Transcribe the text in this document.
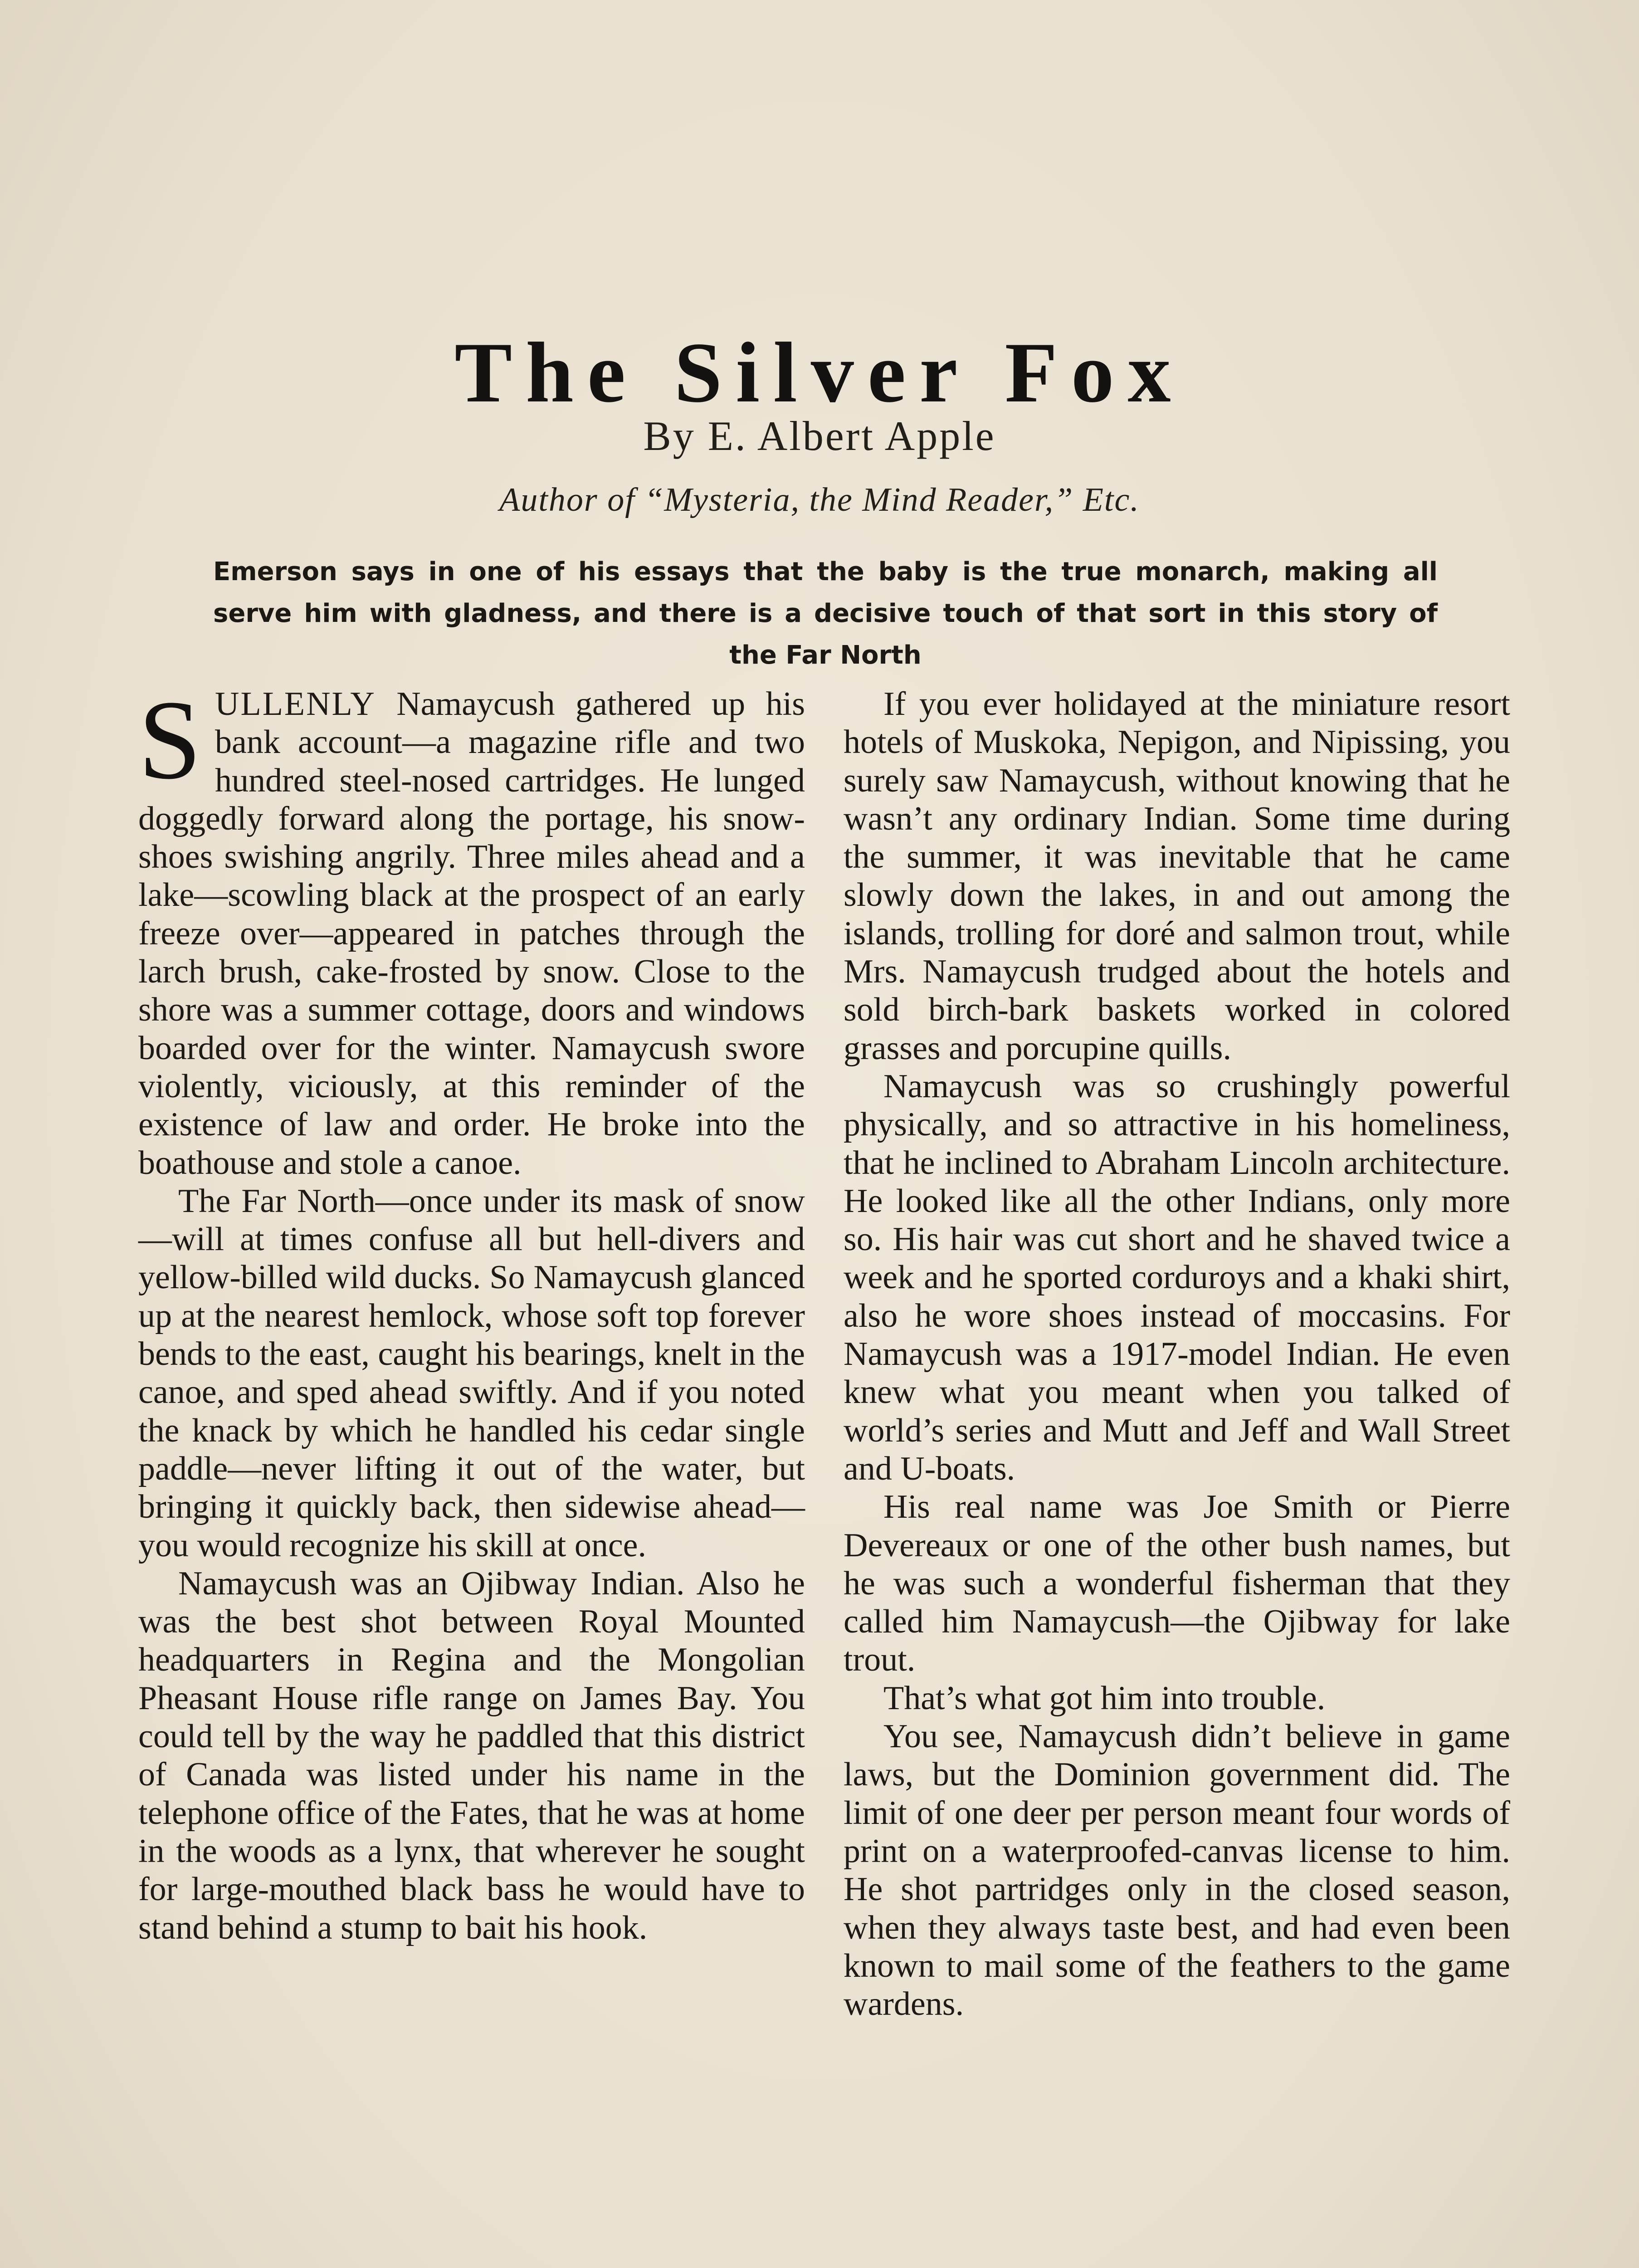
The Silver Fox
By E. Albert Apple
Author of “Mysteria, the Mind Reader,” Etc.
Emerson says in one of his essays that the baby is the true monarch, making all serve him with gladness, and there is a decisive touch of that sort in this story of the Far North

SULLENLY Namaycush gathered up his bank account—a magazine rifle and two hundred steel-nosed cartridges. He lunged doggedly forward along the portage, his snow-shoes swishing angrily. Three miles ahead and a lake—scowling black at the prospect of an early freeze over—appeared in patches through the larch brush, cake-frosted by snow. Close to the shore was a summer cottage, doors and windows boarded over for the winter. Namaycush swore violently, viciously, at this reminder of the existence of law and order. He broke into the boathouse and stole a canoe.

The Far North—once under its mask of snow—will at times confuse all but hell-divers and yellow-billed wild ducks. So Namaycush glanced up at the nearest hemlock, whose soft top forever bends to the east, caught his bearings, knelt in the canoe, and sped ahead swiftly. And if you noted the knack by which he handled his cedar single paddle—never lifting it out of the water, but bringing it quickly back, then sidewise ahead—you would recognize his skill at once.

Namaycush was an Ojibway Indian. Also he was the best shot between Royal Mounted headquarters in Regina and the Mongolian Pheasant House rifle range on James Bay. You could tell by the way he paddled that this district of Canada was listed under his name in the telephone office of the Fates, that he was at home in the woods as a lynx, that wherever he sought for large-mouthed black bass he would have to stand behind a stump to bait his hook.

If you ever holidayed at the miniature resort hotels of Muskoka, Nepigon, and Nipissing, you surely saw Namaycush, without knowing that he wasn’t any ordinary Indian. Some time during the summer, it was inevitable that he came slowly down the lakes, in and out among the islands, trolling for doré and salmon trout, while Mrs. Namaycush trudged about the hotels and sold birch-bark baskets worked in colored grasses and porcupine quills.

Namaycush was so crushingly powerful physically, and so attractive in his homeliness, that he inclined to Abraham Lincoln architecture. He looked like all the other Indians, only more so. His hair was cut short and he shaved twice a week and he sported corduroys and a khaki shirt, also he wore shoes instead of moccasins. For Namaycush was a 1917-model Indian. He even knew what you meant when you talked of world’s series and Mutt and Jeff and Wall Street and U-boats.

His real name was Joe Smith or Pierre Devereaux or one of the other bush names, but he was such a wonderful fisherman that they called him Namaycush—the Ojibway for lake trout.

That’s what got him into trouble.

You see, Namaycush didn’t believe in game laws, but the Dominion government did. The limit of one deer per person meant four words of print on a waterproofed-canvas license to him. He shot partridges only in the closed season, when they always taste best, and had even been known to mail some of the feathers to the game wardens.
